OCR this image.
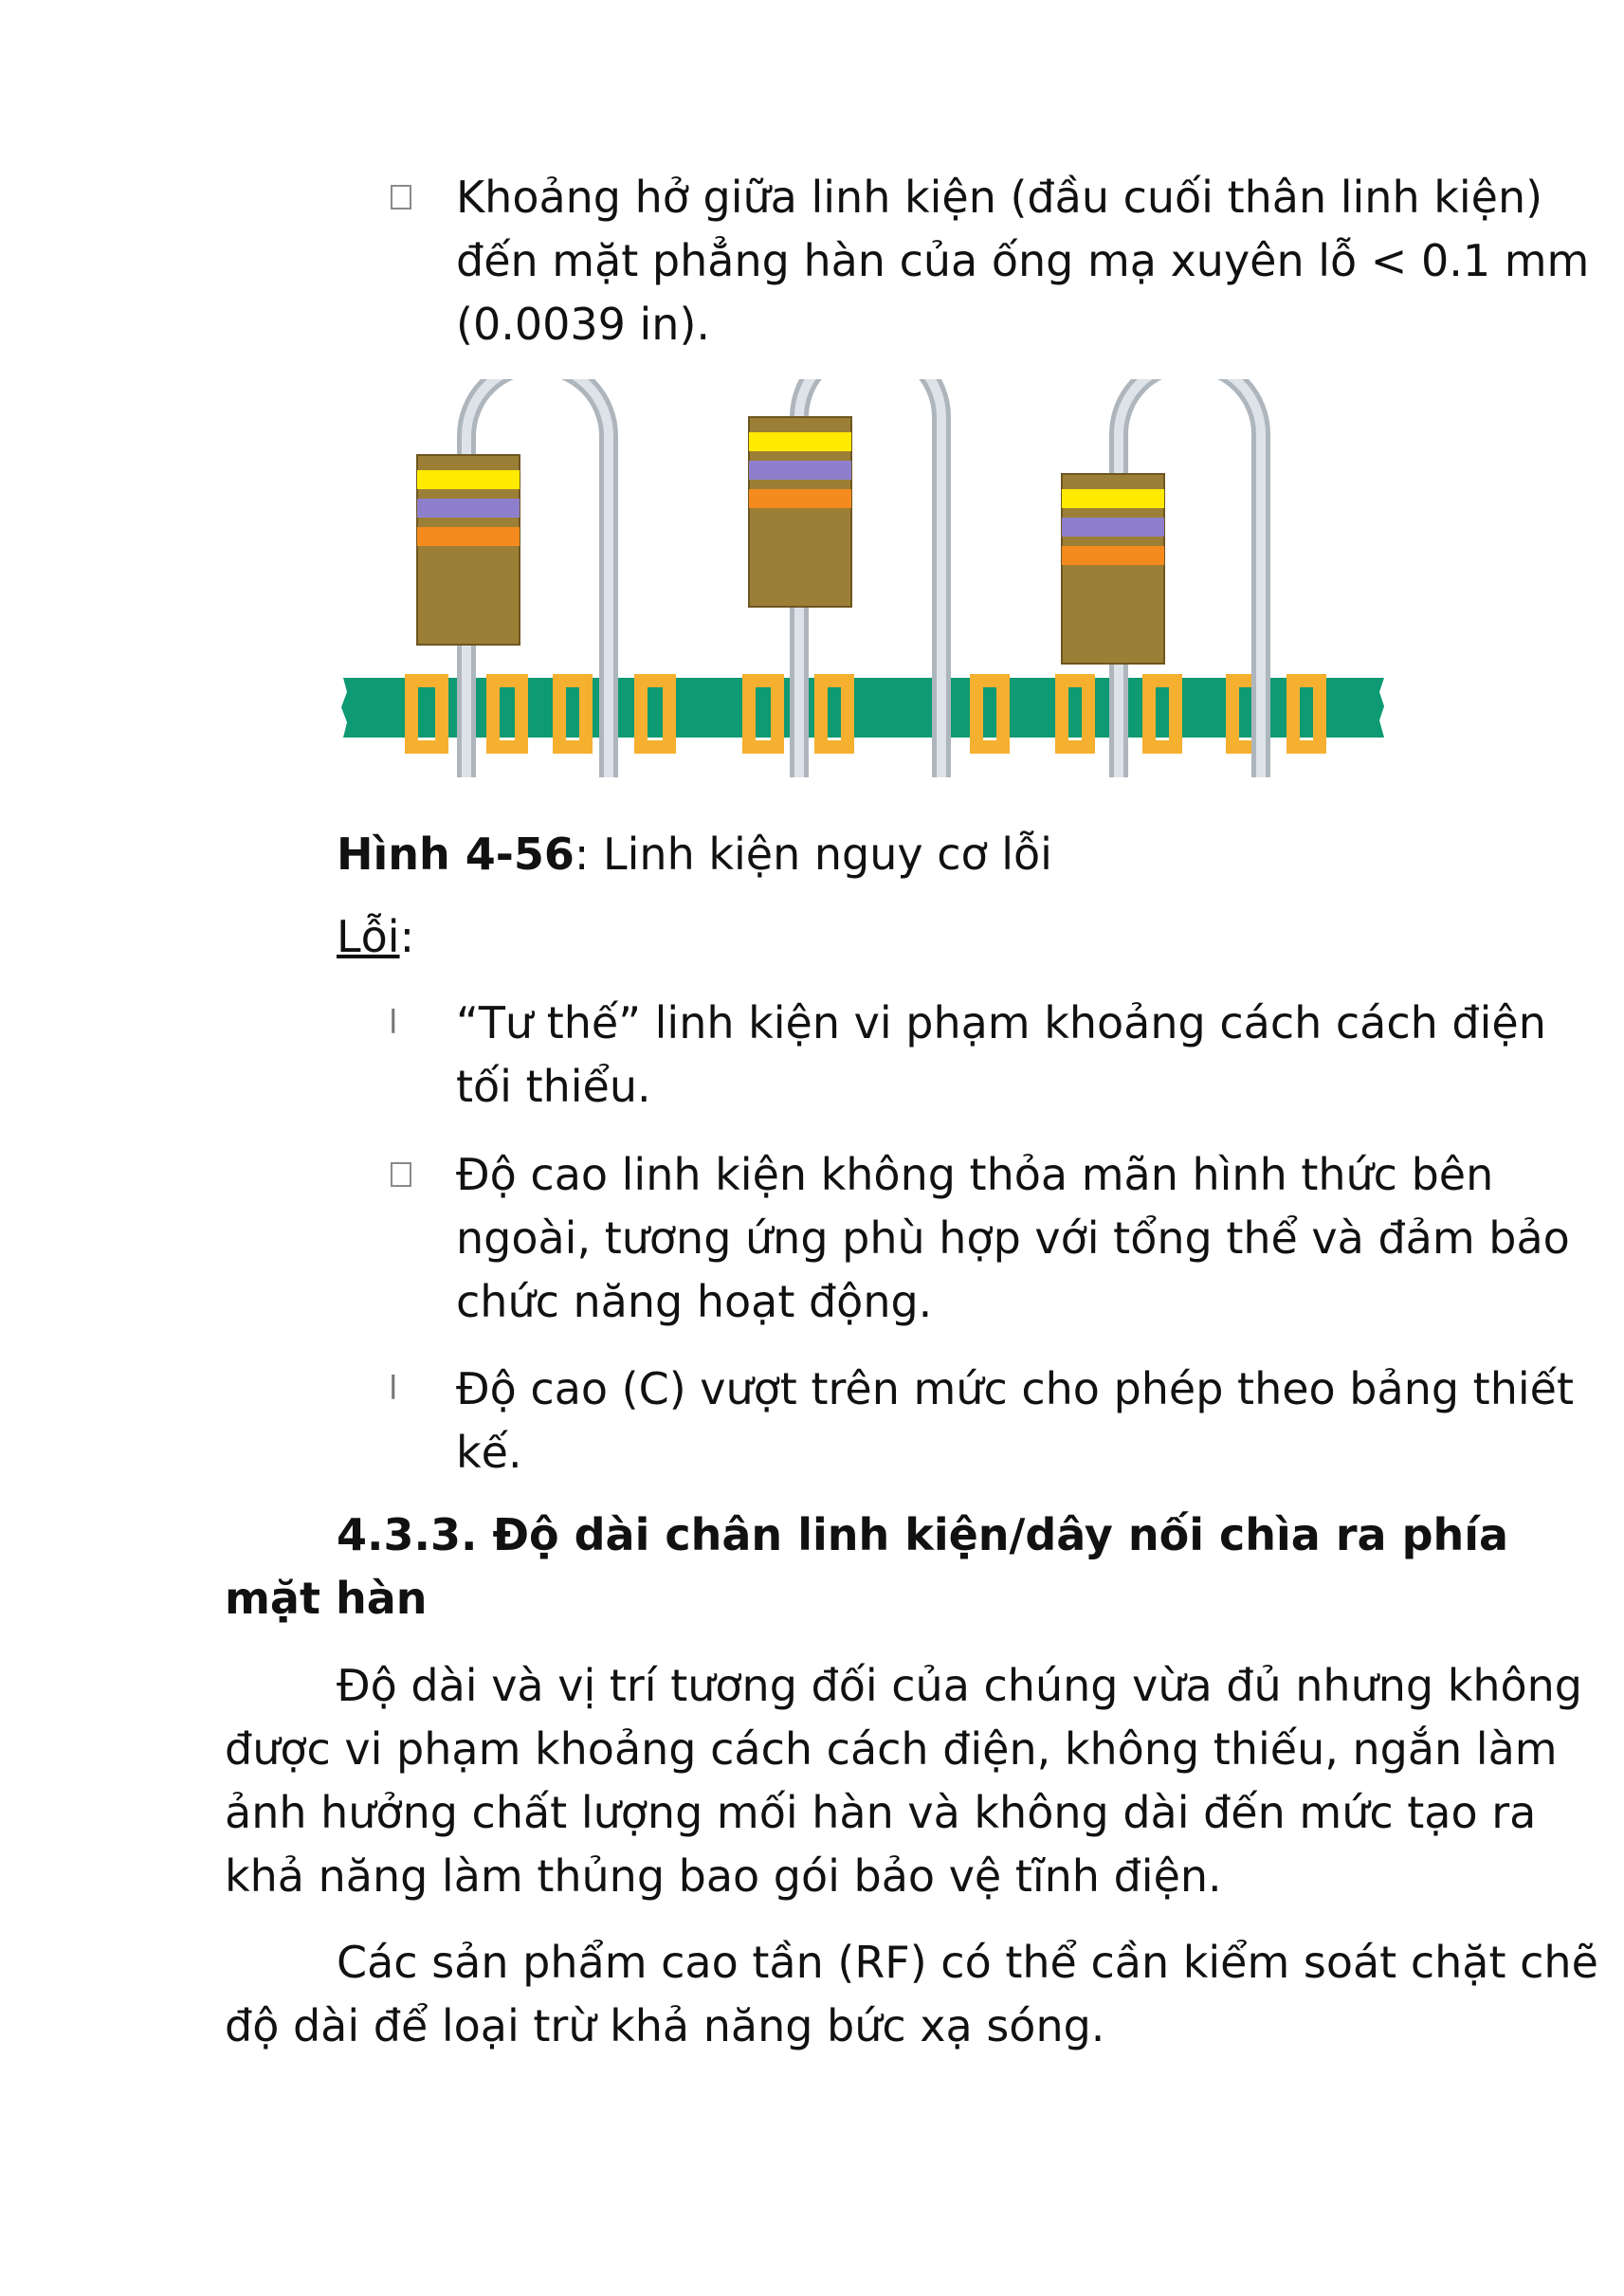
Khoảng hở giữa linh kiện (đầu cuối thân linh kiện)
đến mặt phẳng hàn của ống mạ xuyên lỗ < 0.1 mm
(0.0039 in).
Hình 4-56: Linh kiện nguy cơ lỗi
Lỗi:
l “Tư thế” linh kiện vi phạm khoảng cách cách điện
tối thiểu.
Độ cao linh kiện không thỏa mãn hình thức bên
ngoài, tương ứng phù hợp với tổng thể và đảm bảo
chức năng hoạt động.
l Độ cao (C) vượt trên mức cho phép theo bảng thiết
kế.
4.3.3. Độ dài chân linh kiện/dây nối chìa ra phía
mặt hàn
Độ dài và vị trí tương đối của chúng vừa đủ nhưng không
được vi phạm khoảng cách cách điện, không thiếu, ngắn làm
ảnh hưởng chất lượng mối hàn và không dài đến mức tạo ra
khả năng làm thủng bao gói bảo vệ tĩnh điện.
Các sản phẩm cao tần (RF) có thể cần kiểm soát chặt chẽ
độ dài để loại trừ khả năng bức xạ sóng.
